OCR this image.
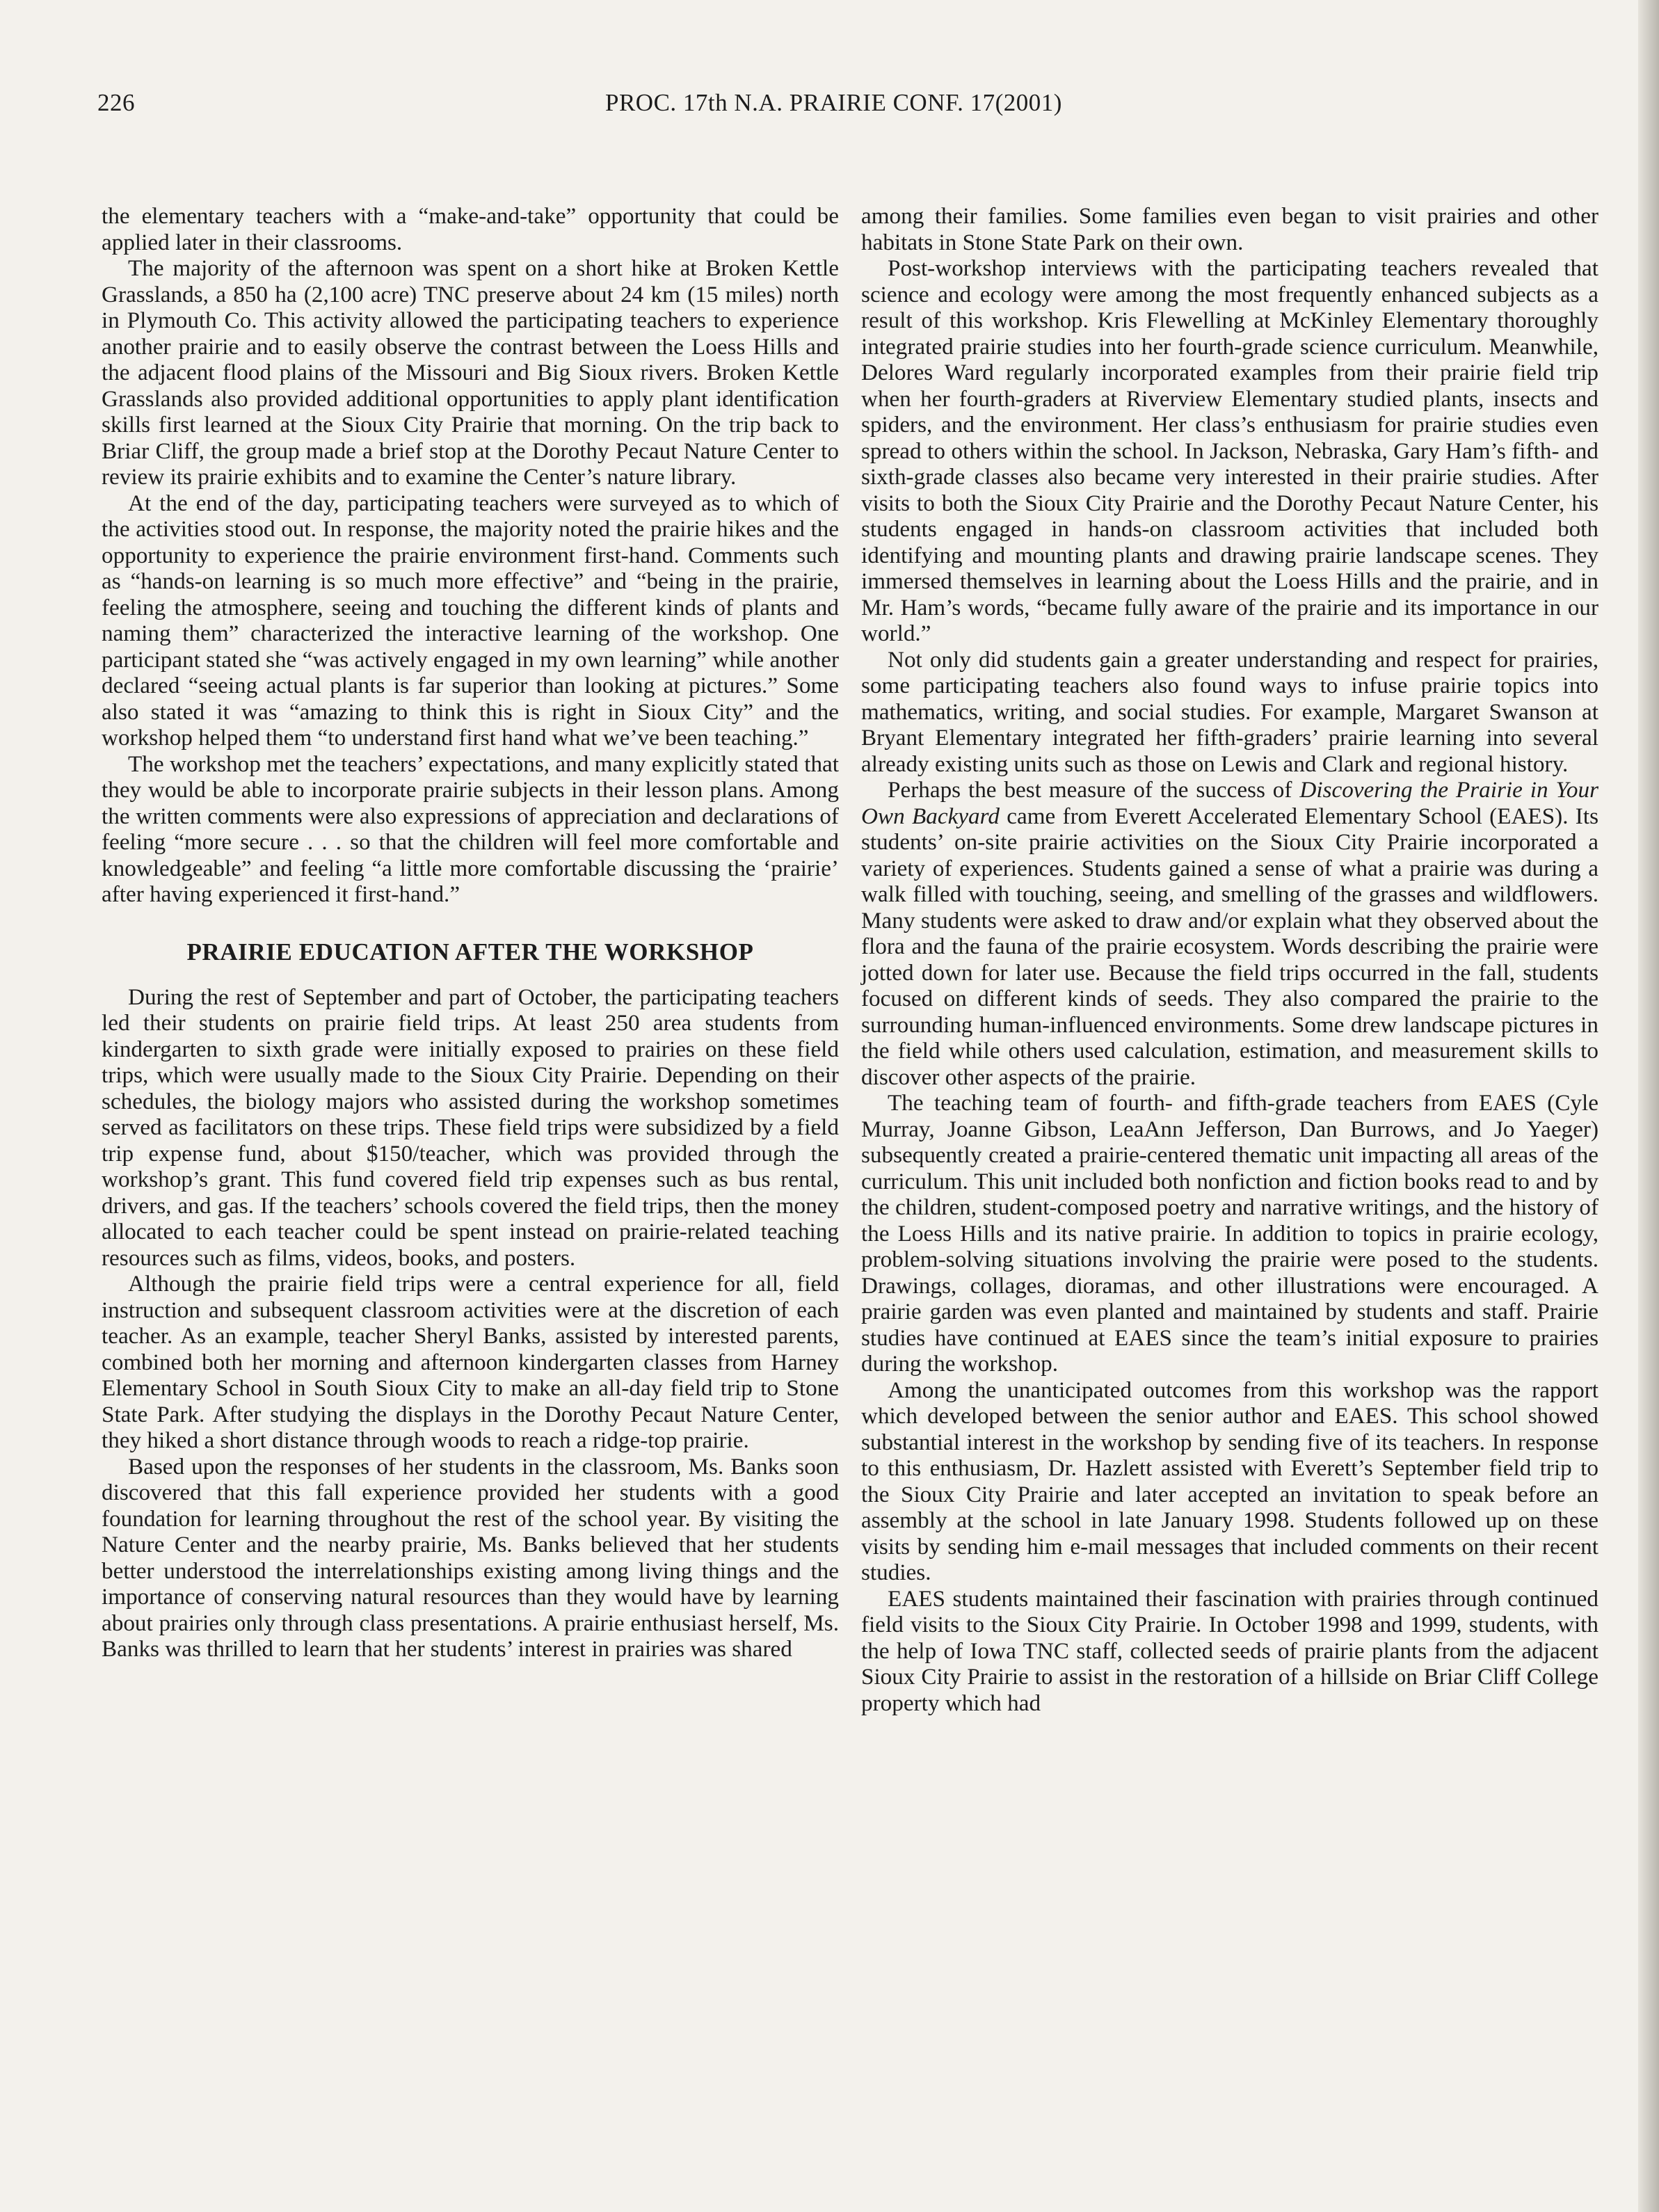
226	PROC. 17th N.A. PRAIRIE CONF. 17(2001)

the elementary teachers with a “make-and-take” opportunity that could be applied later in their classrooms.

The majority of the afternoon was spent on a short hike at Broken Kettle Grasslands, a 850 ha (2,100 acre) TNC preserve about 24 km (15 miles) north in Plymouth Co. This activity allowed the participating teachers to experience another prairie and to easily observe the contrast between the Loess Hills and the adjacent flood plains of the Missouri and Big Sioux rivers. Broken Kettle Grasslands also provided additional opportunities to apply plant identification skills first learned at the Sioux City Prairie that morning. On the trip back to Briar Cliff, the group made a brief stop at the Dorothy Pecaut Nature Center to review its prairie exhibits and to examine the Center’s nature library.

At the end of the day, participating teachers were surveyed as to which of the activities stood out. In response, the majority noted the prairie hikes and the opportunity to experience the prairie environment first-hand. Comments such as “hands-on learning is so much more effective” and “being in the prairie, feeling the atmosphere, seeing and touching the different kinds of plants and naming them” characterized the interactive learning of the workshop. One participant stated she “was actively engaged in my own learning” while another declared “seeing actual plants is far superior than looking at pictures.” Some also stated it was “amazing to think this is right in Sioux City” and the workshop helped them “to understand first hand what we’ve been teaching.”

The workshop met the teachers’ expectations, and many explicitly stated that they would be able to incorporate prairie subjects in their lesson plans. Among the written comments were also expressions of appreciation and declarations of feeling “more secure . . . so that the children will feel more comfortable and knowledgeable” and feeling “a little more comfortable discussing the ‘prairie’ after having experienced it first-hand.”

PRAIRIE EDUCATION AFTER THE WORKSHOP

During the rest of September and part of October, the participating teachers led their students on prairie field trips. At least 250 area students from kindergarten to sixth grade were initially exposed to prairies on these field trips, which were usually made to the Sioux City Prairie. Depending on their schedules, the biology majors who assisted during the workshop sometimes served as facilitators on these trips. These field trips were subsidized by a field trip expense fund, about $150/teacher, which was provided through the workshop’s grant. This fund covered field trip expenses such as bus rental, drivers, and gas. If the teachers’ schools covered the field trips, then the money allocated to each teacher could be spent instead on prairie-related teaching resources such as films, videos, books, and posters.

Although the prairie field trips were a central experience for all, field instruction and subsequent classroom activities were at the discretion of each teacher. As an example, teacher Sheryl Banks, assisted by interested parents, combined both her morning and afternoon kindergarten classes from Harney Elementary School in South Sioux City to make an all-day field trip to Stone State Park. After studying the displays in the Dorothy Pecaut Nature Center, they hiked a short distance through woods to reach a ridge-top prairie.

Based upon the responses of her students in the classroom, Ms. Banks soon discovered that this fall experience provided her students with a good foundation for learning throughout the rest of the school year. By visiting the Nature Center and the nearby prairie, Ms. Banks believed that her students better understood the interrelationships existing among living things and the importance of conserving natural resources than they would have by learning about prairies only through class presentations. A prairie enthusiast herself, Ms. Banks was thrilled to learn that her students’ interest in prairies was shared

among their families. Some families even began to visit prairies and other habitats in Stone State Park on their own.

Post-workshop interviews with the participating teachers revealed that science and ecology were among the most frequently enhanced subjects as a result of this workshop. Kris Flewelling at McKinley Elementary thoroughly integrated prairie studies into her fourth-grade science curriculum. Meanwhile, Delores Ward regularly incorporated examples from their prairie field trip when her fourth-graders at Riverview Elementary studied plants, insects and spiders, and the environment. Her class’s enthusiasm for prairie studies even spread to others within the school. In Jackson, Nebraska, Gary Ham’s fifth- and sixth-grade classes also became very interested in their prairie studies. After visits to both the Sioux City Prairie and the Dorothy Pecaut Nature Center, his students engaged in hands-on classroom activities that included both identifying and mounting plants and drawing prairie landscape scenes. They immersed themselves in learning about the Loess Hills and the prairie, and in Mr. Ham’s words, “became fully aware of the prairie and its importance in our world.”

Not only did students gain a greater understanding and respect for prairies, some participating teachers also found ways to infuse prairie topics into mathematics, writing, and social studies. For example, Margaret Swanson at Bryant Elementary integrated her fifth-graders’ prairie learning into several already existing units such as those on Lewis and Clark and regional history.

Perhaps the best measure of the success of Discovering the Prairie in Your Own Backyard came from Everett Accelerated Elementary School (EAES). Its students’ on-site prairie activities on the Sioux City Prairie incorporated a variety of experiences. Students gained a sense of what a prairie was during a walk filled with touching, seeing, and smelling of the grasses and wildflowers. Many students were asked to draw and/or explain what they observed about the flora and the fauna of the prairie ecosystem. Words describing the prairie were jotted down for later use. Because the field trips occurred in the fall, students focused on different kinds of seeds. They also compared the prairie to the surrounding human-influenced environments. Some drew landscape pictures in the field while others used calculation, estimation, and measurement skills to discover other aspects of the prairie.

The teaching team of fourth- and fifth-grade teachers from EAES (Cyle Murray, Joanne Gibson, LeaAnn Jefferson, Dan Burrows, and Jo Yaeger) subsequently created a prairie-centered thematic unit impacting all areas of the curriculum. This unit included both nonfiction and fiction books read to and by the children, student-composed poetry and narrative writings, and the history of the Loess Hills and its native prairie. In addition to topics in prairie ecology, problem-solving situations involving the prairie were posed to the students. Drawings, collages, dioramas, and other illustrations were encouraged. A prairie garden was even planted and maintained by students and staff. Prairie studies have continued at EAES since the team’s initial exposure to prairies during the workshop.

Among the unanticipated outcomes from this workshop was the rapport which developed between the senior author and EAES. This school showed substantial interest in the workshop by sending five of its teachers. In response to this enthusiasm, Dr. Hazlett assisted with Everett’s September field trip to the Sioux City Prairie and later accepted an invitation to speak before an assembly at the school in late January 1998. Students followed up on these visits by sending him e-mail messages that included comments on their recent studies.

EAES students maintained their fascination with prairies through continued field visits to the Sioux City Prairie. In October 1998 and 1999, students, with the help of Iowa TNC staff, collected seeds of prairie plants from the adjacent Sioux City Prairie to assist in the restoration of a hillside on Briar Cliff College property which had
